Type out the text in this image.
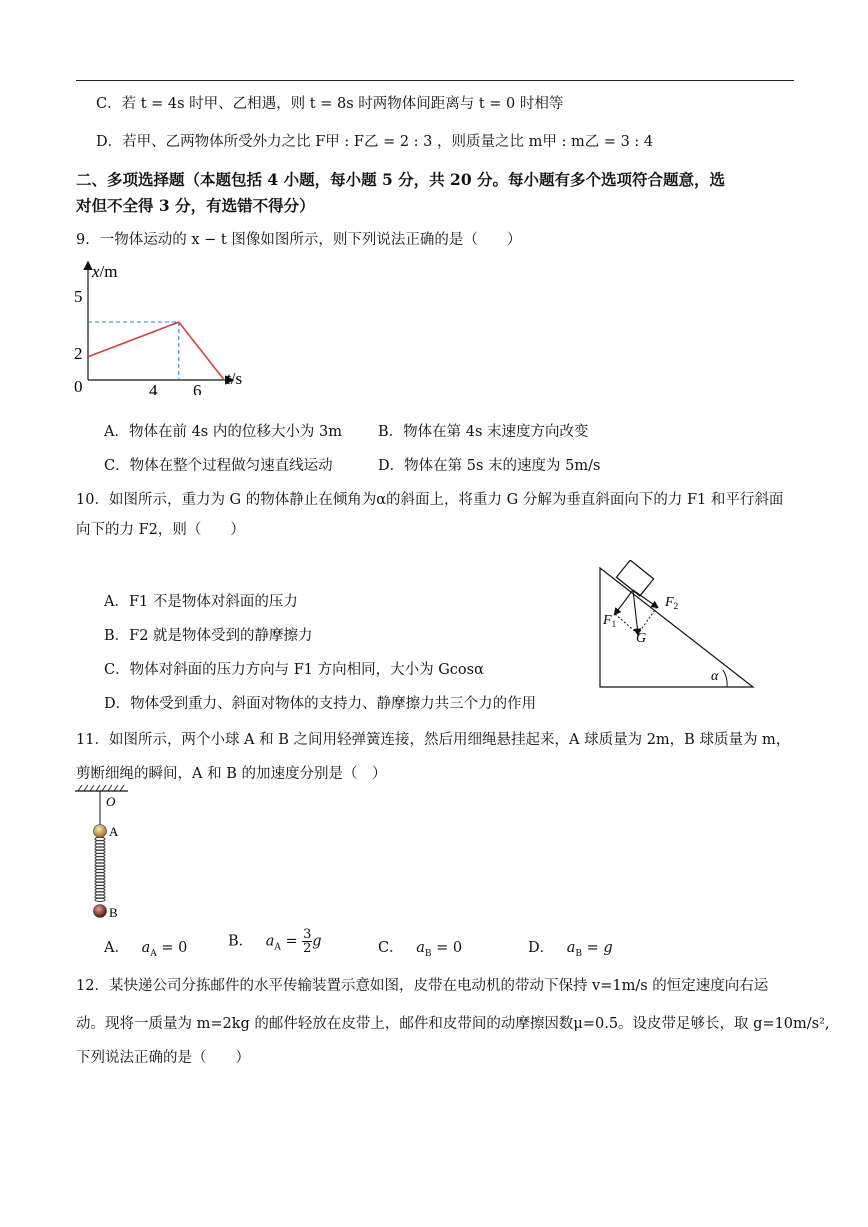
C．若 t = 4s 时甲、乙相遇，则 t = 8s 时两物体间距离与 t = 0 时相等
D．若甲、乙两物体所受外力之比 F甲 : F乙 = 2 : 3 ，则质量之比 m甲 : m乙 = 3 : 4
二、多项选择题（本题包括 4 小题，每小题 5 分，共 20 分。每小题有多个选项符合题意，选
对但不全得 3 分，有选错不得分）
9．一物体运动的 x − t 图像如图所示，则下列说法正确的是（　　）
x/m
t/s
5
2
0	4 6
A．物体在前 4s 内的位移大小为 3m B．物体在第 4s 末速度方向改变
C．物体在整个过程做匀速直线运动	D．物体在第 5s 末的速度为 5m/s
10．如图所示，重力为 G 的物体静止在倾角为α的斜面上，将重力 G 分解为垂直斜面向下的力 F1 和平行斜面
向下的力 F2，则（　　）
A．F1 不是物体对斜面的压力
B．F2 就是物体受到的静摩擦力
C．物体对斜面的压力方向与 F1 方向相同，大小为 Gcosα
D．物体受到重力、斜面对物体的支持力、静摩擦力共三个力的作用
$F_1$
$F_2$
G
α
11．如图所示，两个小球 A 和 B 之间用轻弹簧连接，然后用细绳悬挂起来，A 球质量为 2m，B 球质量为 m，
剪断细绳的瞬间，A 和 B 的加速度分别是（　）
O
A
B
A． $a_A = 0$	B． $a_A = \frac{3}{2}$ g	C． $a_B = 0$	D． $a_B = g$
12．某快递公司分拣邮件的水平传输装置示意如图，皮带在电动机的带动下保持 v=1m/s 的恒定速度向右运
动。现将一质量为 m=2kg 的邮件轻放在皮带上，邮件和皮带间的动摩擦因数μ=0.5。设皮带足够长，取 g=10m/s²,
下列说法正确的是（　　）
